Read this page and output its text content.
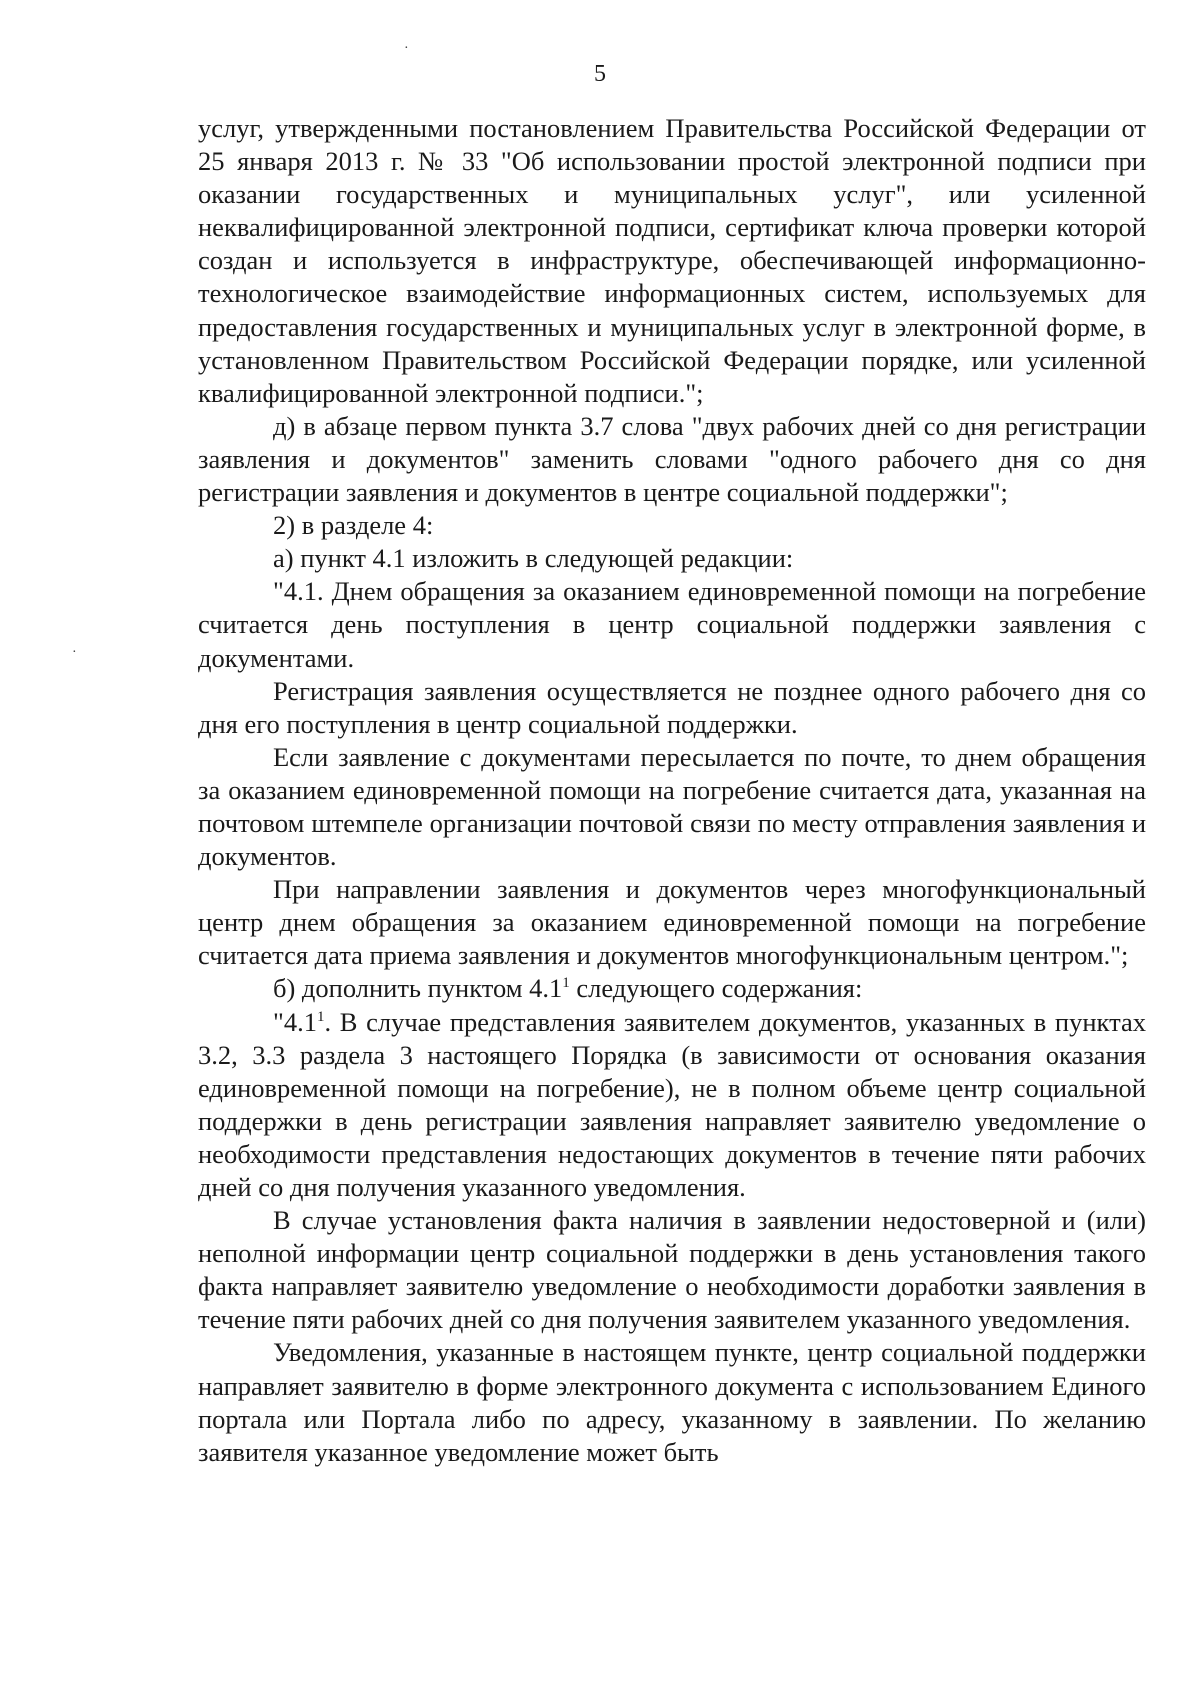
5

услуг, утвержденными постановлением Правительства Российской Федерации от 25 января 2013 г. № 33 "Об использовании простой электронной подписи при оказании государственных и муниципальных услуг", или усиленной неквалифицированной электронной подписи, сертификат ключа проверки которой создан и используется в инфраструктуре, обеспечивающей информационно-технологическое взаимодействие информационных систем, используемых для предоставления государственных и муниципальных услуг в электронной форме, в установленном Правительством Российской Федерации порядке, или усиленной квалифицированной электронной подписи.";

д) в абзаце первом пункта 3.7 слова "двух рабочих дней со дня регистрации заявления и документов" заменить словами "одного рабочего дня со дня регистрации заявления и документов в центре социальной поддержки";

2) в разделе 4:

а) пункт 4.1 изложить в следующей редакции:

"4.1. Днем обращения за оказанием единовременной помощи на погребение считается день поступления в центр социальной поддержки заявления с документами.

Регистрация заявления осуществляется не позднее одного рабочего дня со дня его поступления в центр социальной поддержки.

Если заявление с документами пересылается по почте, то днем обращения за оказанием единовременной помощи на погребение считается дата, указанная на почтовом штемпеле организации почтовой связи по месту отправления заявления и документов.

При направлении заявления и документов через многофункциональный центр днем обращения за оказанием единовременной помощи на погребение считается дата приема заявления и документов многофункциональным центром.";

б) дополнить пунктом $4.1^1$ следующего содержания:

"$4.1^1$. В случае представления заявителем документов, указанных в пунктах 3.2, 3.3 раздела 3 настоящего Порядка (в зависимости от основания оказания единовременной помощи на погребение), не в полном объеме центр социальной поддержки в день регистрации заявления направляет заявителю уведомление о необходимости представления недостающих документов в течение пяти рабочих дней со дня получения указанного уведомления.

В случае установления факта наличия в заявлении недостоверной и (или) неполной информации центр социальной поддержки в день установления такого факта направляет заявителю уведомление о необходимости доработки заявления в течение пяти рабочих дней со дня получения заявителем указанного уведомления.

Уведомления, указанные в настоящем пункте, центр социальной поддержки направляет заявителю в форме электронного документа с использованием Единого портала или Портала либо по адресу, указанному в заявлении. По желанию заявителя указанное уведомление может быть

·
·
